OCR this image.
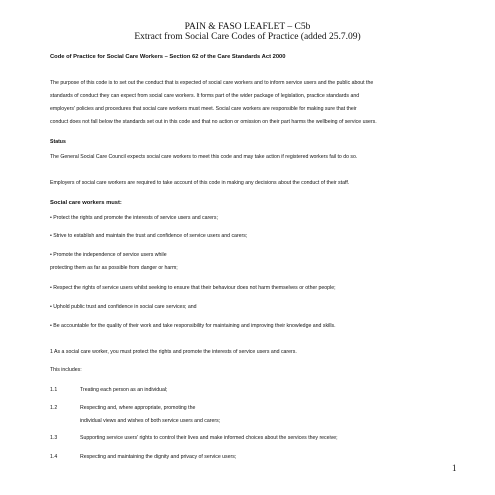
PAIN & FASO LEAFLET – C5b
Extract from Social Care Codes of Practice (added 25.7.09)
Code of Practice for Social Care Workers – Section 62 of the Care Standards Act 2000
The purpose of this code is to set out the conduct that is expected of social care workers and to inform service users and the public about the
standards of conduct they can expect from social care workers. It forms part of the wider package of legislation, practice standards and
employers' policies and procedures that social care workers must meet. Social care workers are responsible for making sure that their
conduct does not fall below the standards set out in this code and that no action or omission on their part harms the wellbeing of service users.
Status
The General Social Care Council expects social care workers to meet this code and may take action if registered workers fail to do so.
Employers of social care workers are required to take account of this code in making any decisions about the conduct of their staff.
Social care workers must:
• Protect the rights and promote the interests of service users and carers;
• Strive to establish and maintain the trust and confidence of service users and carers;
• Promote the independence of service users while
protecting them as far as possible from danger or harm;
• Respect the rights of service users whilst seeking to ensure that their behaviour does not harm themselves or other people;
• Uphold public trust and confidence in social care services; and
• Be accountable for the quality of their work and take responsibility for maintaining and improving their knowledge and skills.
1 As a social care worker, you must protect the rights and promote the interests of service users and carers.
This includes:
1.1	Treating each person as an individual;
1.2	Respecting and, where appropriate, promoting the
individual views and wishes of both service users and carers;
1.3	Supporting service users' rights to control their lives and make informed choices about the services they receive;
1.4	Respecting and maintaining the dignity and privacy of service users;
1
